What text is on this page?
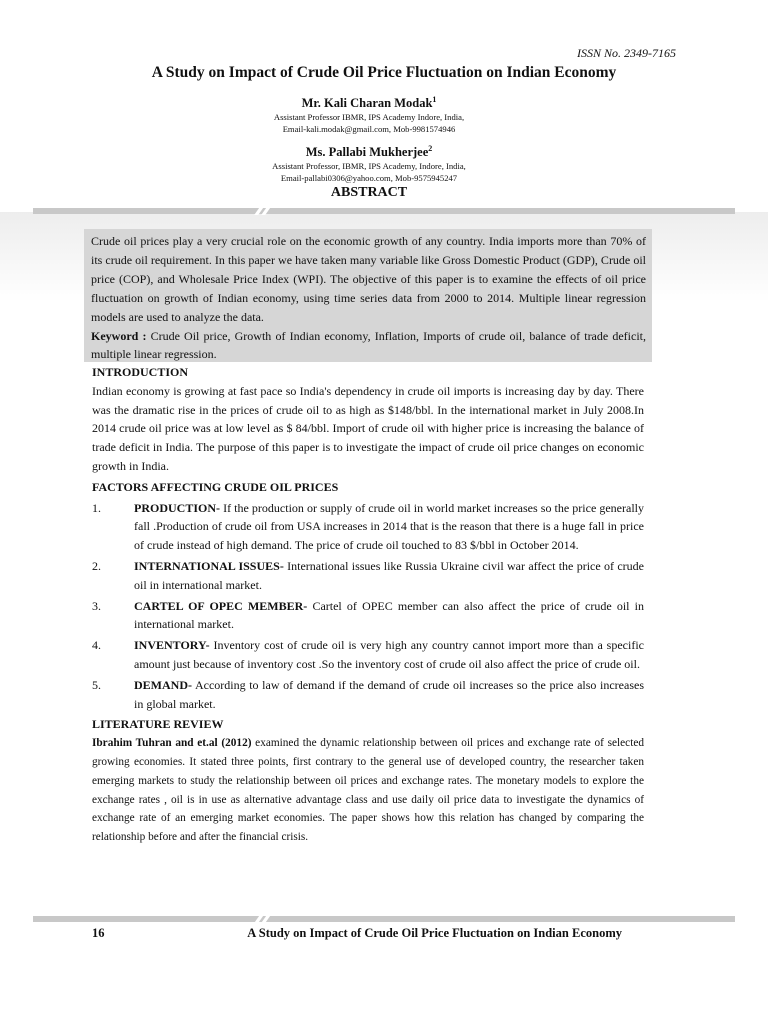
ISSN No. 2349-7165
A Study on Impact of Crude Oil Price Fluctuation on Indian Economy
Mr. Kali Charan Modak$^1$
Assistant Professor IBMR, IPS Academy Indore, India,
Email-kali.modak@gmail.com, Mob-9981574946
Ms. Pallabi Mukherjee$^2$
Assistant Professor, IBMR, IPS Academy, Indore, India,
Email-pallabi0306@yahoo.com, Mob-9575945247
ABSTRACT

Crude oil prices play a very crucial role on the economic growth of any country. India imports more than 70% of its crude oil requirement. In this paper we have taken many variable like Gross Domestic Product (GDP), Crude oil price (COP), and Wholesale Price Index (WPI). The objective of this paper is to examine the effects of oil price fluctuation on growth of Indian economy, using time series data from 2000 to 2014. Multiple linear regression models are used to analyze the data.

Keyword : Crude Oil price, Growth of Indian economy, Inflation, Imports of crude oil, balance of trade deficit, multiple linear regression.

INTRODUCTION

Indian economy is growing at fast pace so India's dependency in crude oil imports is increasing day by day. There was the dramatic rise in the prices of crude oil to as high as $148/bbl. In the international market in July 2008.In 2014 crude oil price was at low level as $ 84/bbl. Import of crude oil with higher price is increasing the balance of trade deficit in India. The purpose of this paper is to investigate the impact of crude oil price changes on economic growth in India.

FACTORS AFFECTING CRUDE OIL PRICES

1.	PRODUCTION- If the production or supply of crude oil in world market increases so the price generally fall .Production of crude oil from USA increases in 2014 that is the reason that there is a huge fall in price of crude instead of high demand. The price of crude oil touched to 83 $/bbl in October 2014.
2.	INTERNATIONAL ISSUES- International issues like Russia Ukraine civil war affect the price of crude oil in international market.
3.	CARTEL OF OPEC MEMBER- Cartel of OPEC member can also affect the price of crude oil in international market.
4.	INVENTORY- Inventory cost of crude oil is very high any country cannot import more than a specific amount just because of inventory cost .So the inventory cost of crude oil also affect the price of crude oil.
5.	DEMAND- According to law of demand if the demand of crude oil increases so the price also increases in global market.

LITERATURE REVIEW

Ibrahim Tuhran and et.al (2012) examined the dynamic relationship between oil prices and exchange rate of selected growing economies. It stated three points, first contrary to the general use of developed country, the researcher taken emerging markets to study the relationship between oil prices and exchange rates. The monetary models to explore the exchange rates , oil is in use as alternative advantage class and use daily oil price data to investigate the dynamics of exchange rate of an emerging market economies. The paper shows how this relation has changed by comparing the relationship before and after the financial crisis.

16	A Study on Impact of Crude Oil Price Fluctuation on Indian Economy
